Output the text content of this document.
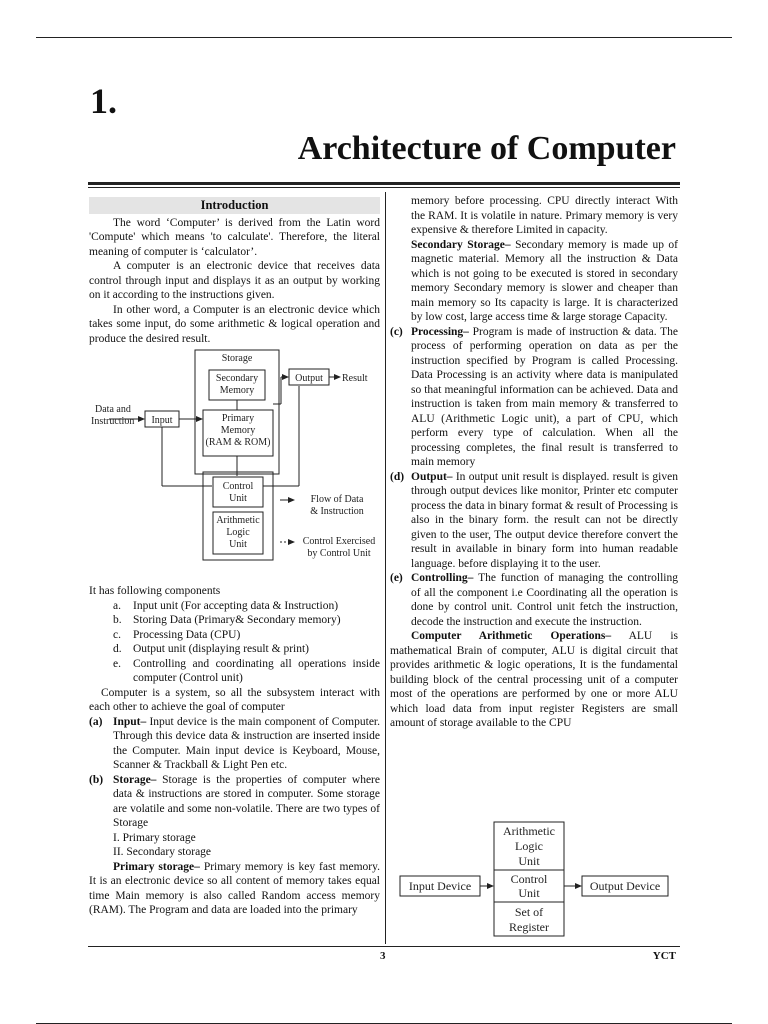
1.
Architecture of Computer
Introduction

The word ‘Computer’ is derived from the Latin word 'Compute' which means 'to calculate'. Therefore, the literal meaning of computer is ‘calculator’.

A computer is an electronic device that receives data control through input and displays it as an output by working on it according to the instructions given.

In other word, a Computer is an electronic device which takes some input, do some arithmetic & logical operation and produce the desired result.

Storage
Secondary
Memory
Primary
Memory
(RAM & ROM)
Output Result
Data and
Instruction Input
Control
Unit
Arithmetic
Logic
Unit
Flow of Data
& Instruction
Control Exercised
by Control Unit

It has following components

a. Input unit (For accepting data & Instruction)
b. Storing Data (Primary& Secondary memory)
c. Processing Data (CPU)
d. Output unit (displaying result & print)
e. Controlling and coordinating all operations inside computer (Control unit)

Computer is a system, so all the subsystem interact with each other to achieve the goal of computer

(a) Input– Input device is the main component of Computer. Through this device data & instruction are inserted inside the Computer. Main input device is Keyboard, Mouse, Scanner & Trackball & Light Pen etc.
(b) Storage– Storage is the properties of computer where data & instructions are stored in computer. Some storage are volatile and some non-volatile. There are two types of Storage
I. Primary storage
II. Secondary storage
Primary storage– Primary memory is key fast memory. It is an electronic device so all content of memory takes equal time Main memory is also called Random access memory (RAM). The Program and data are loaded into the primary

memory before processing. CPU directly interact With the RAM. It is volatile in nature. Primary memory is very expensive & therefore Limited in capacity.

Secondary Storage– Secondary memory is made up of magnetic material. Memory all the instruction & Data which is not going to be executed is stored in secondary memory Secondary memory is slower and cheaper than main memory so Its capacity is large. It is characterized by low cost, large access time & large storage Capacity.

(c) Processing– Program is made of instruction & data. The process of performing operation on data as per the instruction specified by Program is called Processing. Data Processing is an activity where data is manipulated so that meaningful information can be achieved. Data and instruction is taken from main memory & transferred to ALU (Arithmetic Logic unit), a part of CPU, which perform every type of calculation. When all the processing completes, the final result is transferred to main memory
(d) Output– In output unit result is displayed. result is given through output devices like monitor, Printer etc computer process the data in binary format & result of Processing is also in the binary form. the result can not be directly given to the user, The output device therefore convert the result in available in binary form into human readable language. before displaying it to the user.
(e) Controlling– The function of managing the controlling of all the component i.e Coordinating all the operation is done by control unit. Control unit fetch the instruction, decode the instruction and execute the instruction.

Computer Arithmetic Operations– ALU is mathematical Brain of computer, ALU is digital circuit that provides arithmetic & logic operations, It is the fundamental building block of the central processing unit of a computer most of the operations are performed by one or more ALU which load data from input register Registers are small amount of storage available to the CPU

Arithmetic
Logic
Unit
Control
Unit
Set of
Register
Input Device	Output Device
3	YCT
